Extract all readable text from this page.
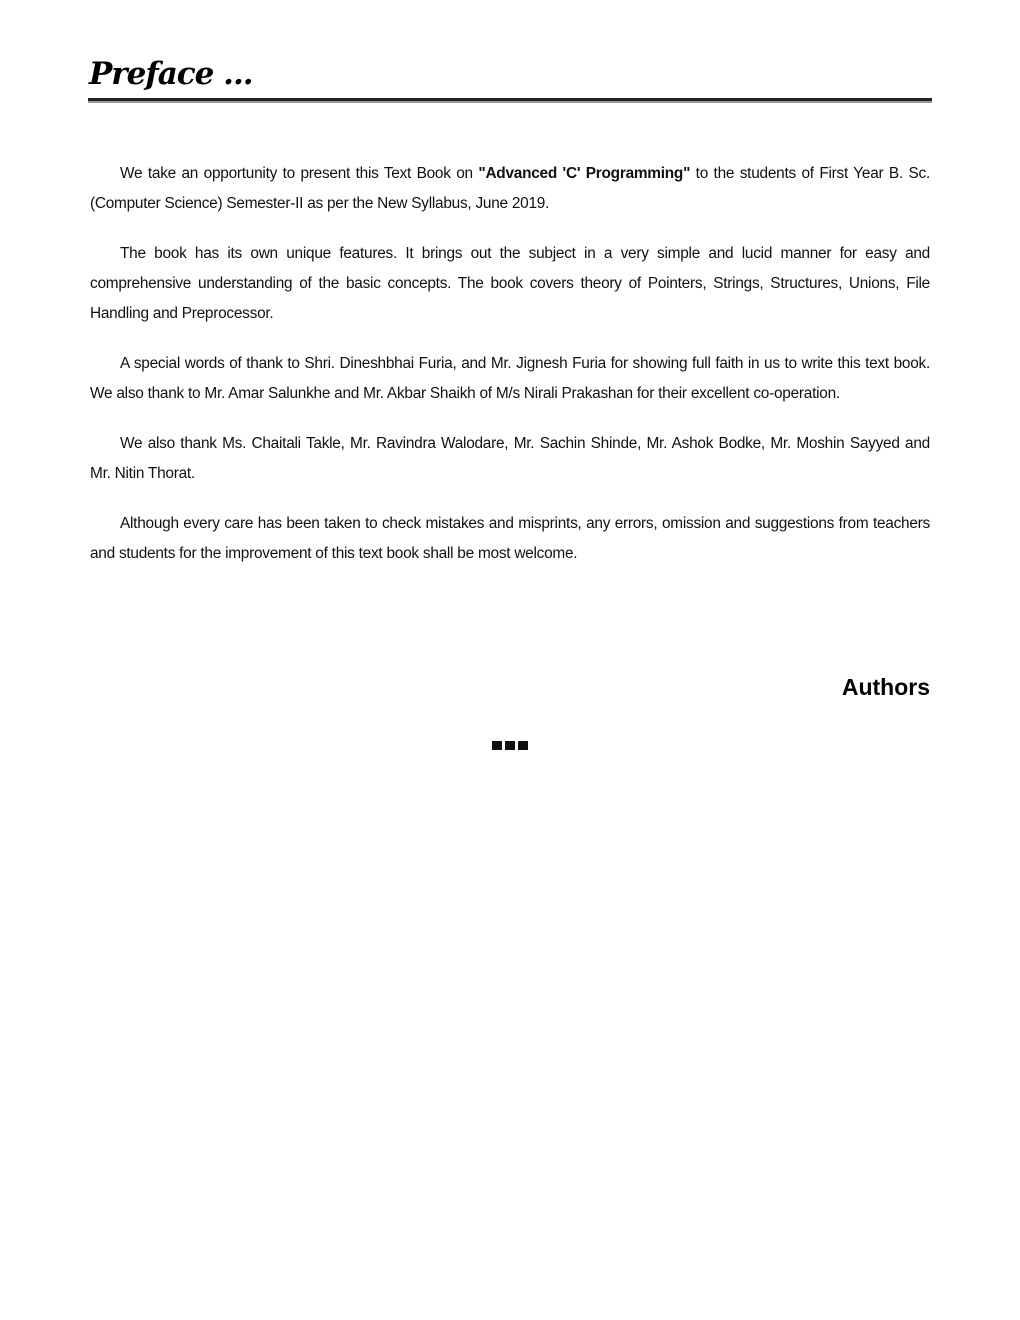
Preface ...

We take an opportunity to present this Text Book on "Advanced 'C' Programming" to the students of First Year B. Sc. (Computer Science) Semester-II as per the New Syllabus, June 2019.

The book has its own unique features. It brings out the subject in a very simple and lucid manner for easy and comprehensive understanding of the basic concepts. The book covers theory of Pointers, Strings, Structures, Unions, File Handling and Preprocessor.

A special words of thank to Shri. Dineshbhai Furia, and Mr. Jignesh Furia for showing full faith in us to write this text book. We also thank to Mr. Amar Salunkhe and Mr. Akbar Shaikh of M/s Nirali Prakashan for their excellent co-operation.

We also thank Ms. Chaitali Takle, Mr. Ravindra Walodare, Mr. Sachin Shinde, Mr. Ashok Bodke, Mr. Moshin Sayyed and Mr. Nitin Thorat.

Although every care has been taken to check mistakes and misprints, any errors, omission and suggestions from teachers and students for the improvement of this text book shall be most welcome.

Authors
